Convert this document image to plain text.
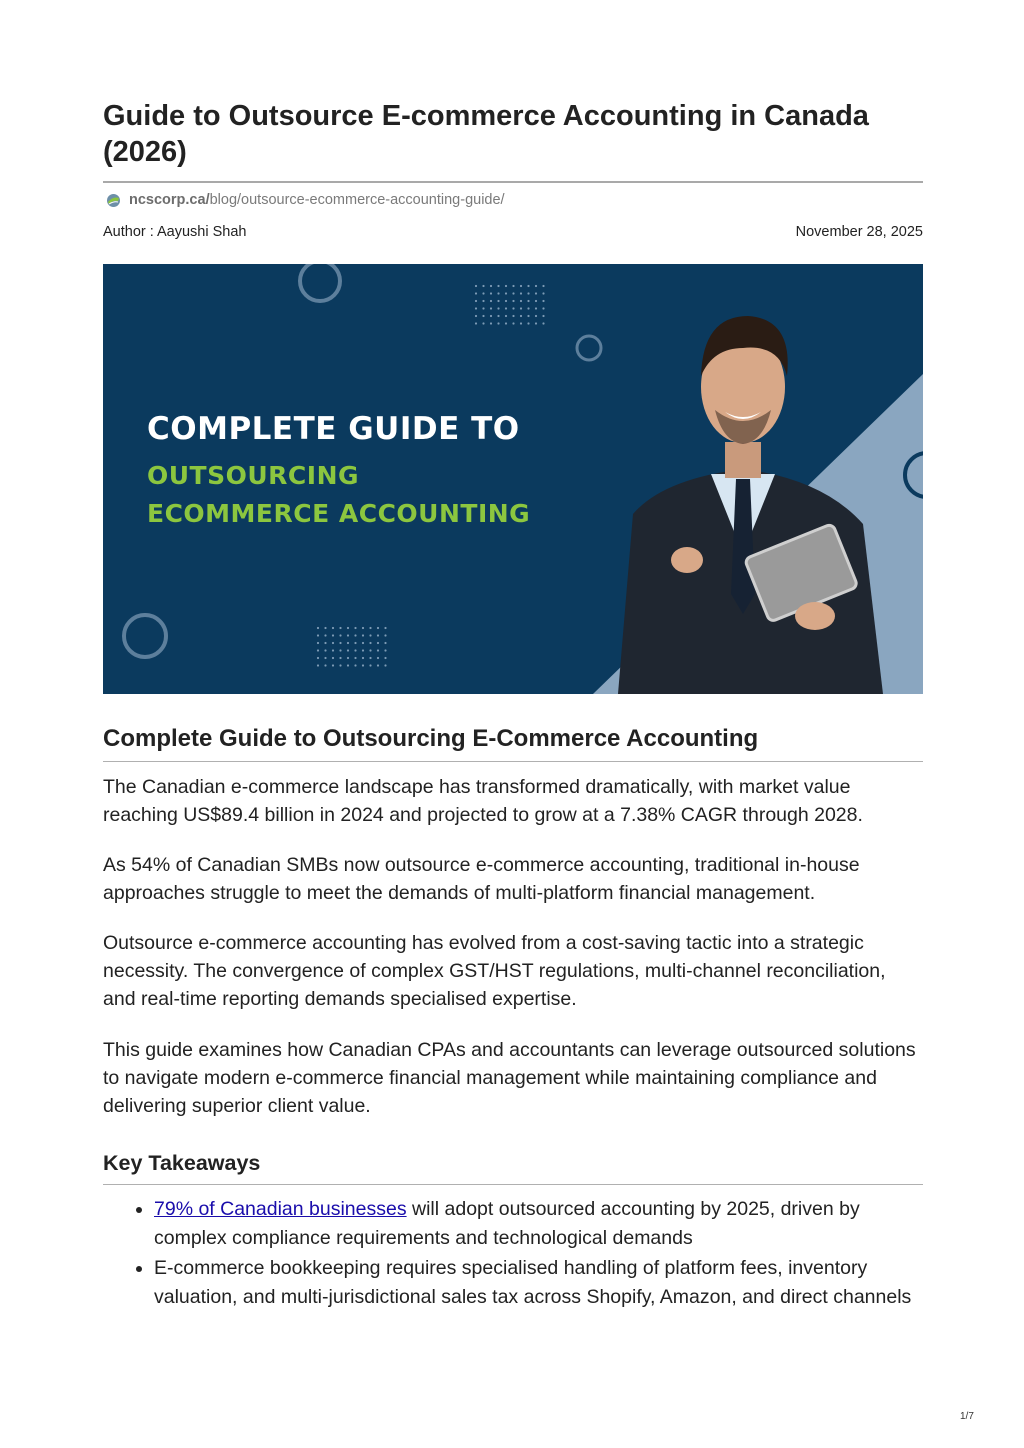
Guide to Outsource E-commerce Accounting in Canada (2026)
ncscorp.ca/ blog/outsource-ecommerce-accounting-guide/
Author : Aayushi Shah	November 28, 2025
COMPLETE GUIDE TO
OUTSOURCING
ECOMMERCE ACCOUNTING
Complete Guide to Outsourcing E-Commerce Accounting

The Canadian e-commerce landscape has transformed dramatically, with market value reaching US$89.4 billion in 2024 and projected to grow at a 7.38% CAGR through 2028.

As 54% of Canadian SMBs now outsource e-commerce accounting, traditional in-house approaches struggle to meet the demands of multi-platform financial management.

Outsource e-commerce accounting has evolved from a cost-saving tactic into a strategic necessity. The convergence of complex GST/HST regulations, multi-channel reconciliation, and real-time reporting demands specialised expertise.

This guide examines how Canadian CPAs and accountants can leverage outsourced solutions to navigate modern e-commerce financial management while maintaining compliance and delivering superior client value.

Key Takeaways
79% of Canadian businesses will adopt outsourced accounting by 2025, driven by complex compliance requirements and technological demands
E-commerce bookkeeping requires specialised handling of platform fees, inventory valuation, and multi-jurisdictional sales tax across Shopify, Amazon, and direct channels
1/7
